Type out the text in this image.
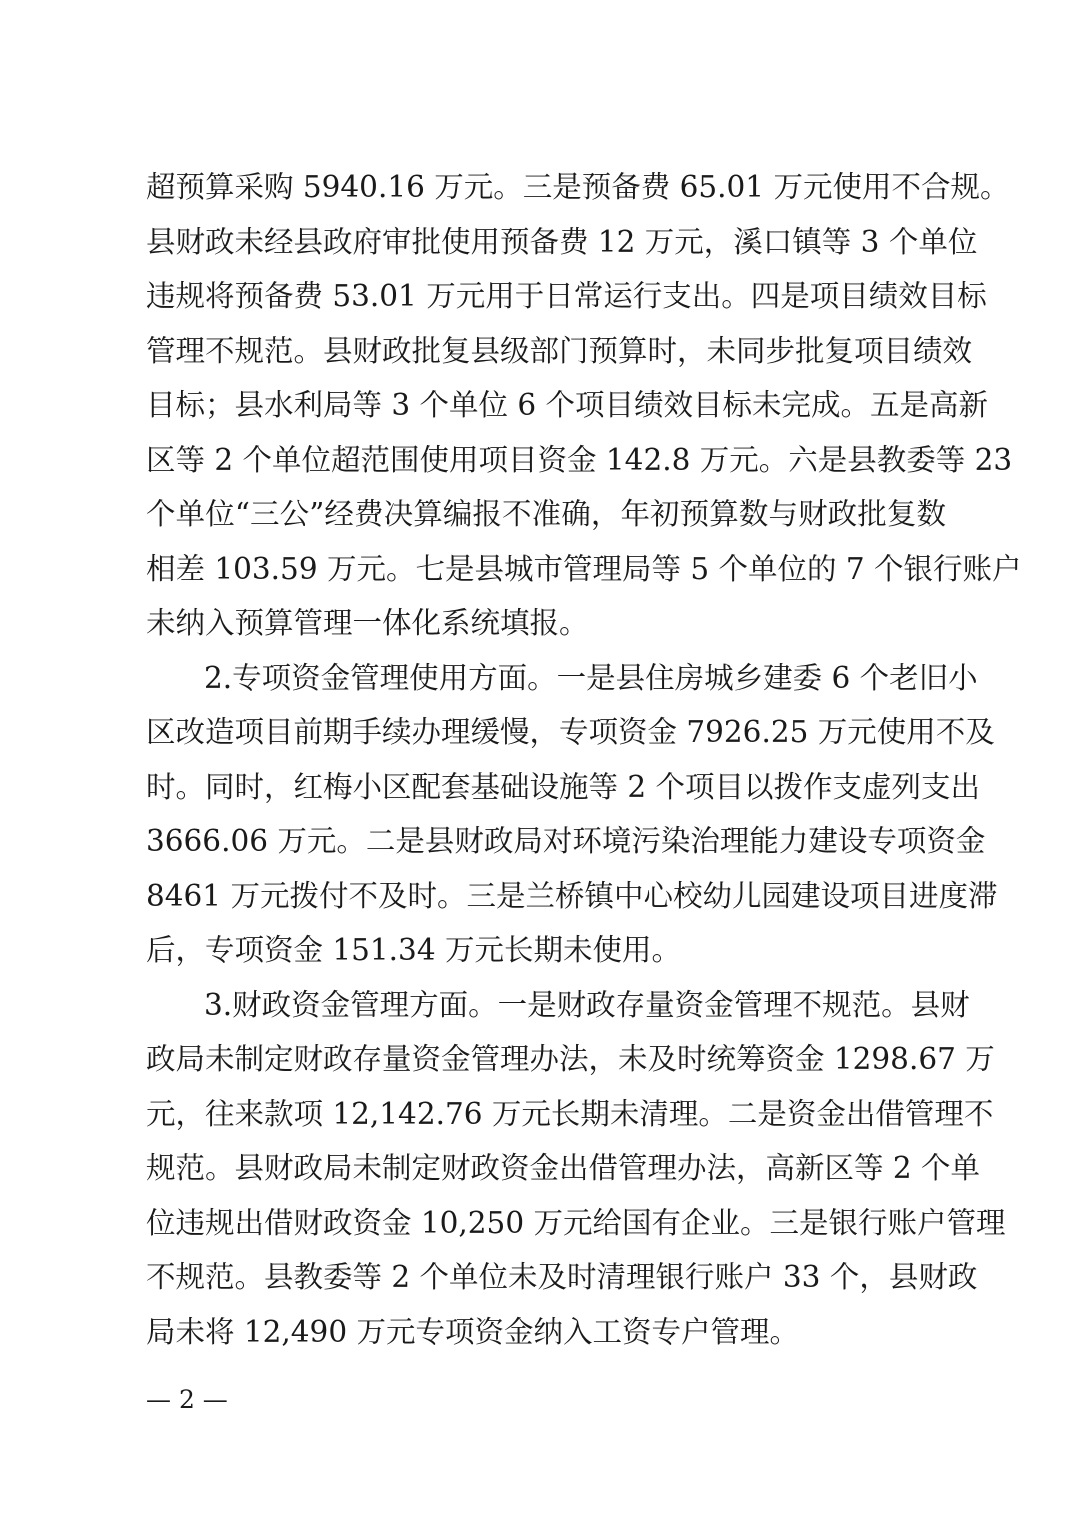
超预算采购 5940.16 万元。三是预备费 65.01 万元使用不合规。
县财政未经县政府审批使用预备费 12 万元，溪口镇等 3 个单位
违规将预备费 53.01 万元用于日常运行支出。四是项目绩效目标
管理不规范。县财政批复县级部门预算时，未同步批复项目绩效
目标；县水利局等 3 个单位 6 个项目绩效目标未完成。五是高新
区等 2 个单位超范围使用项目资金 142.8 万元。六是县教委等 23
个单位“三公”经费决算编报不准确，年初预算数与财政批复数
相差 103.59 万元。七是县城市管理局等 5 个单位的 7 个银行账户
未纳入预算管理一体化系统填报。
2.专项资金管理使用方面。一是县住房城乡建委 6 个老旧小
区改造项目前期手续办理缓慢，专项资金 7926.25 万元使用不及
时。同时，红梅小区配套基础设施等 2 个项目以拨作支虚列支出
3666.06 万元。二是县财政局对环境污染治理能力建设专项资金
8461 万元拨付不及时。三是兰桥镇中心校幼儿园建设项目进度滞
后，专项资金 151.34 万元长期未使用。
3.财政资金管理方面。一是财政存量资金管理不规范。县财
政局未制定财政存量资金管理办法，未及时统筹资金 1298.67 万
元，往来款项 12,142.76 万元长期未清理。二是资金出借管理不
规范。县财政局未制定财政资金出借管理办法，高新区等 2 个单
位违规出借财政资金 10,250 万元给国有企业。三是银行账户管理
不规范。县教委等 2 个单位未及时清理银行账户 33 个，县财政
局未将 12,490 万元专项资金纳入工资专户管理。
— 2 —
